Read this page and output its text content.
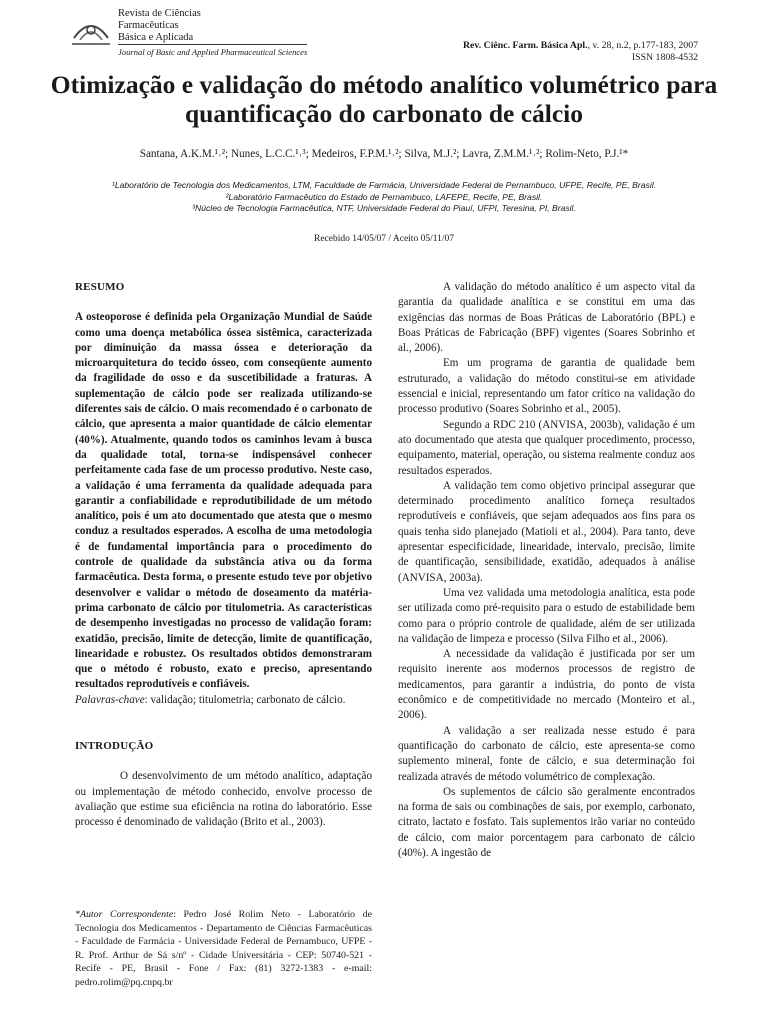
Revista de Ciências
Farmacêuticas
Básica e Aplicada
Journal of Basic and Applied Pharmaceutical Sciences
Rev. Ciênc. Farm. Básica Apl., v. 28, n.2, p.177-183, 2007
ISSN 1808-4532
Otimização e validação do método analítico volumétrico para quantificação do carbonato de cálcio
Santana, A.K.M.¹˒²; Nunes, L.C.C.¹˒³; Medeiros, F.P.M.¹˒²; Silva, M.J.²; Lavra, Z.M.M.¹˒²; Rolim-Neto, P.J.¹*
¹Laboratório de Tecnologia dos Medicamentos, LTM, Faculdade de Farmácia, Universidade Federal de Pernambuco, UFPE, Recife, PE, Brasil.
²Laboratório Farmacêutico do Estado de Pernambuco, LAFEPE, Recife, PE, Brasil.
³Núcleo de Tecnologia Farmacêutica, NTF, Universidade Federal do Piauí, UFPI, Teresina, PI, Brasil.
Recebido 14/05/07 / Aceito 05/11/07

RESUMO

A osteoporose é definida pela Organização Mundial de Saúde como uma doença metabólica óssea sistêmica, caracterizada por diminuição da massa óssea e deterioração da microarquitetura do tecido ósseo, com conseqüente aumento da fragilidade do osso e da suscetibilidade a fraturas. A suplementação de cálcio pode ser realizada utilizando-se diferentes sais de cálcio. O mais recomendado é o carbonato de cálcio, que apresenta a maior quantidade de cálcio elementar (40%). Atualmente, quando todos os caminhos levam à busca da qualidade total, torna-se indispensável conhecer perfeitamente cada fase de um processo produtivo. Neste caso, a validação é uma ferramenta da qualidade adequada para garantir a confiabilidade e reprodutibilidade de um método analítico, pois é um ato documentado que atesta que o mesmo conduz a resultados esperados. A escolha de uma metodologia é de fundamental importância para o procedimento do controle de qualidade da substância ativa ou da forma farmacêutica. Desta forma, o presente estudo teve por objetivo desenvolver e validar o método de doseamento da matéria-prima carbonato de cálcio por titulometria. As características de desempenho investigadas no processo de validação foram: exatidão, precisão, limite de detecção, limite de quantificação, linearidade e robustez. Os resultados obtidos demonstraram que o método é robusto, exato e preciso, apresentando resultados reprodutíveis e confiáveis.

Palavras-chave: validação; titulometria; carbonato de cálcio.

INTRODUÇÃO

O desenvolvimento de um método analítico, adaptação ou implementação de método conhecido, envolve processo de avaliação que estime sua eficiência na rotina do laboratório. Esse processo é denominado de validação (Brito et al., 2003).

A validação do método analítico é um aspecto vital da garantia da qualidade analítica e se constitui em uma das exigências das normas de Boas Práticas de Laboratório (BPL) e Boas Práticas de Fabricação (BPF) vigentes (Soares Sobrinho et al., 2006).

Em um programa de garantia de qualidade bem estruturado, a validação do método constitui-se em atividade essencial e inicial, representando um fator crítico na validação do processo produtivo (Soares Sobrinho et al., 2005).

Segundo a RDC 210 (ANVISA, 2003b), validação é um ato documentado que atesta que qualquer procedimento, processo, equipamento, material, operação, ou sistema realmente conduz aos resultados esperados.

A validação tem como objetivo principal assegurar que determinado procedimento analítico forneça resultados reprodutíveis e confiáveis, que sejam adequados aos fins para os quais tenha sido planejado (Matioli et al., 2004). Para tanto, deve apresentar especificidade, linearidade, intervalo, precisão, limite de quantificação, sensibilidade, exatidão, adequados à análise (ANVISA, 2003a).

Uma vez validada uma metodologia analítica, esta pode ser utilizada como pré-requisito para o estudo de estabilidade bem como para o próprio controle de qualidade, além de ser utilizada na validação de limpeza e processo (Silva Filho et al., 2006).

A necessidade da validação é justificada por ser um requisito inerente aos modernos processos de registro de medicamentos, para garantir a indústria, do ponto de vista econômico e de competitividade no mercado (Monteiro et al., 2006).

A validação a ser realizada nesse estudo é para quantificação do carbonato de cálcio, este apresenta-se como suplemento mineral, fonte de cálcio, e sua determinação foi realizada através de método volumétrico de complexação.

Os suplementos de cálcio são geralmente encontrados na forma de sais ou combinações de sais, por exemplo, carbonato, citrato, lactato e fosfato. Tais suplementos irão variar no conteúdo de cálcio, com maior porcentagem para carbonato de cálcio (40%). A ingestão de

*Autor Correspondente: Pedro José Rolim Neto - Laboratório de Tecnologia dos Medicamentos - Departamento de Ciências Farmacêuticas - Faculdade de Farmácia - Universidade Federal de Pernambuco, UFPE - R. Prof. Arthur de Sá s/nº - Cidade Universitária - CEP: 50740-521 - Recife - PE, Brasil - Fone / Fax: (81) 3272-1383 - e-mail: pedro.rolim@pq.cnpq.br
